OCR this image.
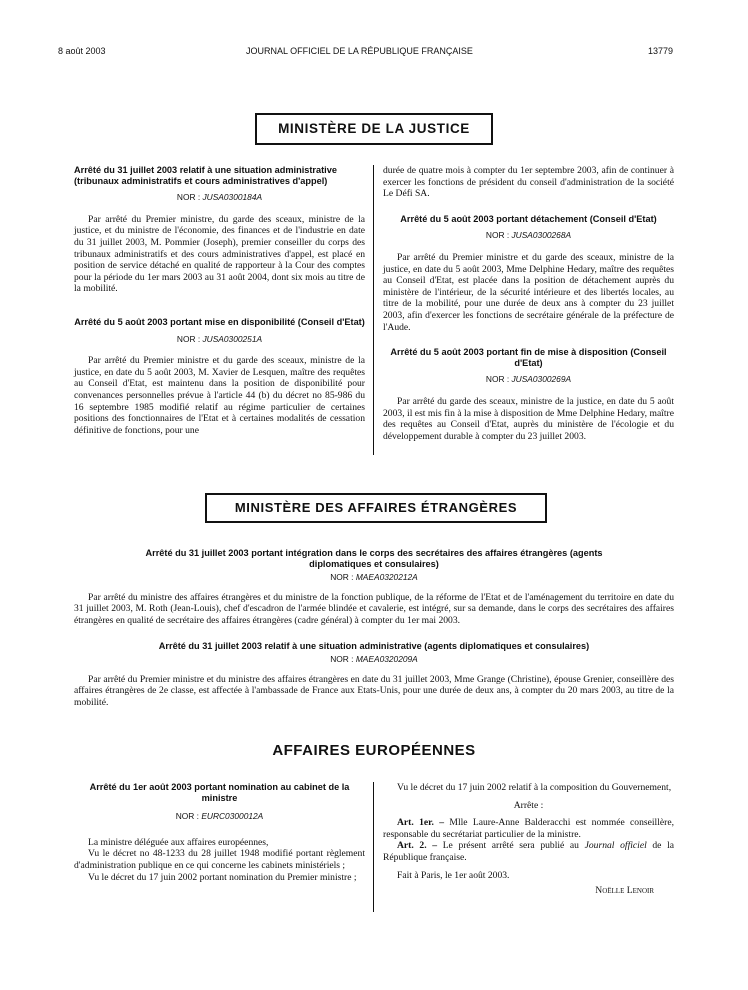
8 août 2003	JOURNAL OFFICIEL DE LA RÉPUBLIQUE FRANÇAISE	13779
MINISTÈRE DE LA JUSTICE
Arrêté du 31 juillet 2003 relatif à une situation administrative (tribunaux administratifs et cours administratives d'appel)
NOR : JUSA0300184A

Par arrêté du Premier ministre, du garde des sceaux, ministre de la justice, et du ministre de l'économie, des finances et de l'industrie en date du 31 juillet 2003, M. Pommier (Joseph), premier conseiller du corps des tribunaux administratifs et des cours administratives d'appel, est placé en position de service détaché en qualité de rapporteur à la Cour des comptes pour la période du 1er mars 2003 au 31 août 2004, dont six mois au titre de la mobilité.

Arrêté du 5 août 2003 portant mise en disponibilité (Conseil d'Etat)
NOR : JUSA0300251A

Par arrêté du Premier ministre et du garde des sceaux, ministre de la justice, en date du 5 août 2003, M. Xavier de Lesquen, maître des requêtes au Conseil d'Etat, est maintenu dans la position de disponibilité pour convenances personnelles prévue à l'article 44 (b) du décret no 85-986 du 16 septembre 1985 modifié relatif au régime particulier de certaines positions des fonctionnaires de l'Etat et à certaines modalités de cessation définitive de fonctions, pour une

durée de quatre mois à compter du 1er septembre 2003, afin de continuer à exercer les fonctions de président du conseil d'administration de la société Le Défi SA.

Arrêté du 5 août 2003 portant détachement (Conseil d'Etat)
NOR : JUSA0300268A

Par arrêté du Premier ministre et du garde des sceaux, ministre de la justice, en date du 5 août 2003, Mme Delphine Hedary, maître des requêtes au Conseil d'Etat, est placée dans la position de détachement auprès du ministère de l'intérieur, de la sécurité intérieure et des libertés locales, au titre de la mobilité, pour une durée de deux ans à compter du 23 juillet 2003, afin d'exercer les fonctions de secrétaire générale de la préfecture de l'Aude.

Arrêté du 5 août 2003 portant fin de mise à disposition (Conseil d'Etat)
NOR : JUSA0300269A

Par arrêté du garde des sceaux, ministre de la justice, en date du 5 août 2003, il est mis fin à la mise à disposition de Mme Delphine Hedary, maître des requêtes au Conseil d'Etat, auprès du ministère de l'écologie et du développement durable à compter du 23 juillet 2003.

MINISTÈRE DES AFFAIRES ÉTRANGÈRES
Arrêté du 31 juillet 2003 portant intégration dans le corps des secrétaires des affaires étrangères (agents diplomatiques et consulaires)
NOR : MAEA0320212A

Par arrêté du ministre des affaires étrangères et du ministre de la fonction publique, de la réforme de l'Etat et de l'aménagement du territoire en date du 31 juillet 2003, M. Roth (Jean-Louis), chef d'escadron de l'armée blindée et cavalerie, est intégré, sur sa demande, dans le corps des secrétaires des affaires étrangères en qualité de secrétaire des affaires étrangères (cadre général) à compter du 1er mai 2003.

Arrêté du 31 juillet 2003 relatif à une situation administrative (agents diplomatiques et consulaires)
NOR : MAEA0320209A

Par arrêté du Premier ministre et du ministre des affaires étrangères en date du 31 juillet 2003, Mme Grange (Christine), épouse Grenier, conseillère des affaires étrangères de 2e classe, est affectée à l'ambassade de France aux Etats-Unis, pour une durée de deux ans, à compter du 20 mars 2003, au titre de la mobilité.

AFFAIRES EUROPÉENNES
Arrêté du 1er août 2003 portant nomination au cabinet de la ministre
NOR : EURC0300012A

La ministre déléguée aux affaires européennes,

Vu le décret no 48-1233 du 28 juillet 1948 modifié portant règlement d'administration publique en ce qui concerne les cabinets ministériels ;

Vu le décret du 17 juin 2002 portant nomination du Premier ministre ;

Vu le décret du 17 juin 2002 relatif à la composition du Gouvernement,

Arrête :

Art. 1er. – Mlle Laure-Anne Balderacchi est nommée conseillère, responsable du secrétariat particulier de la ministre.

Art. 2. – Le présent arrêté sera publié au Journal officiel de la République française.

Fait à Paris, le 1er août 2003.

Noëlle Lenoir
